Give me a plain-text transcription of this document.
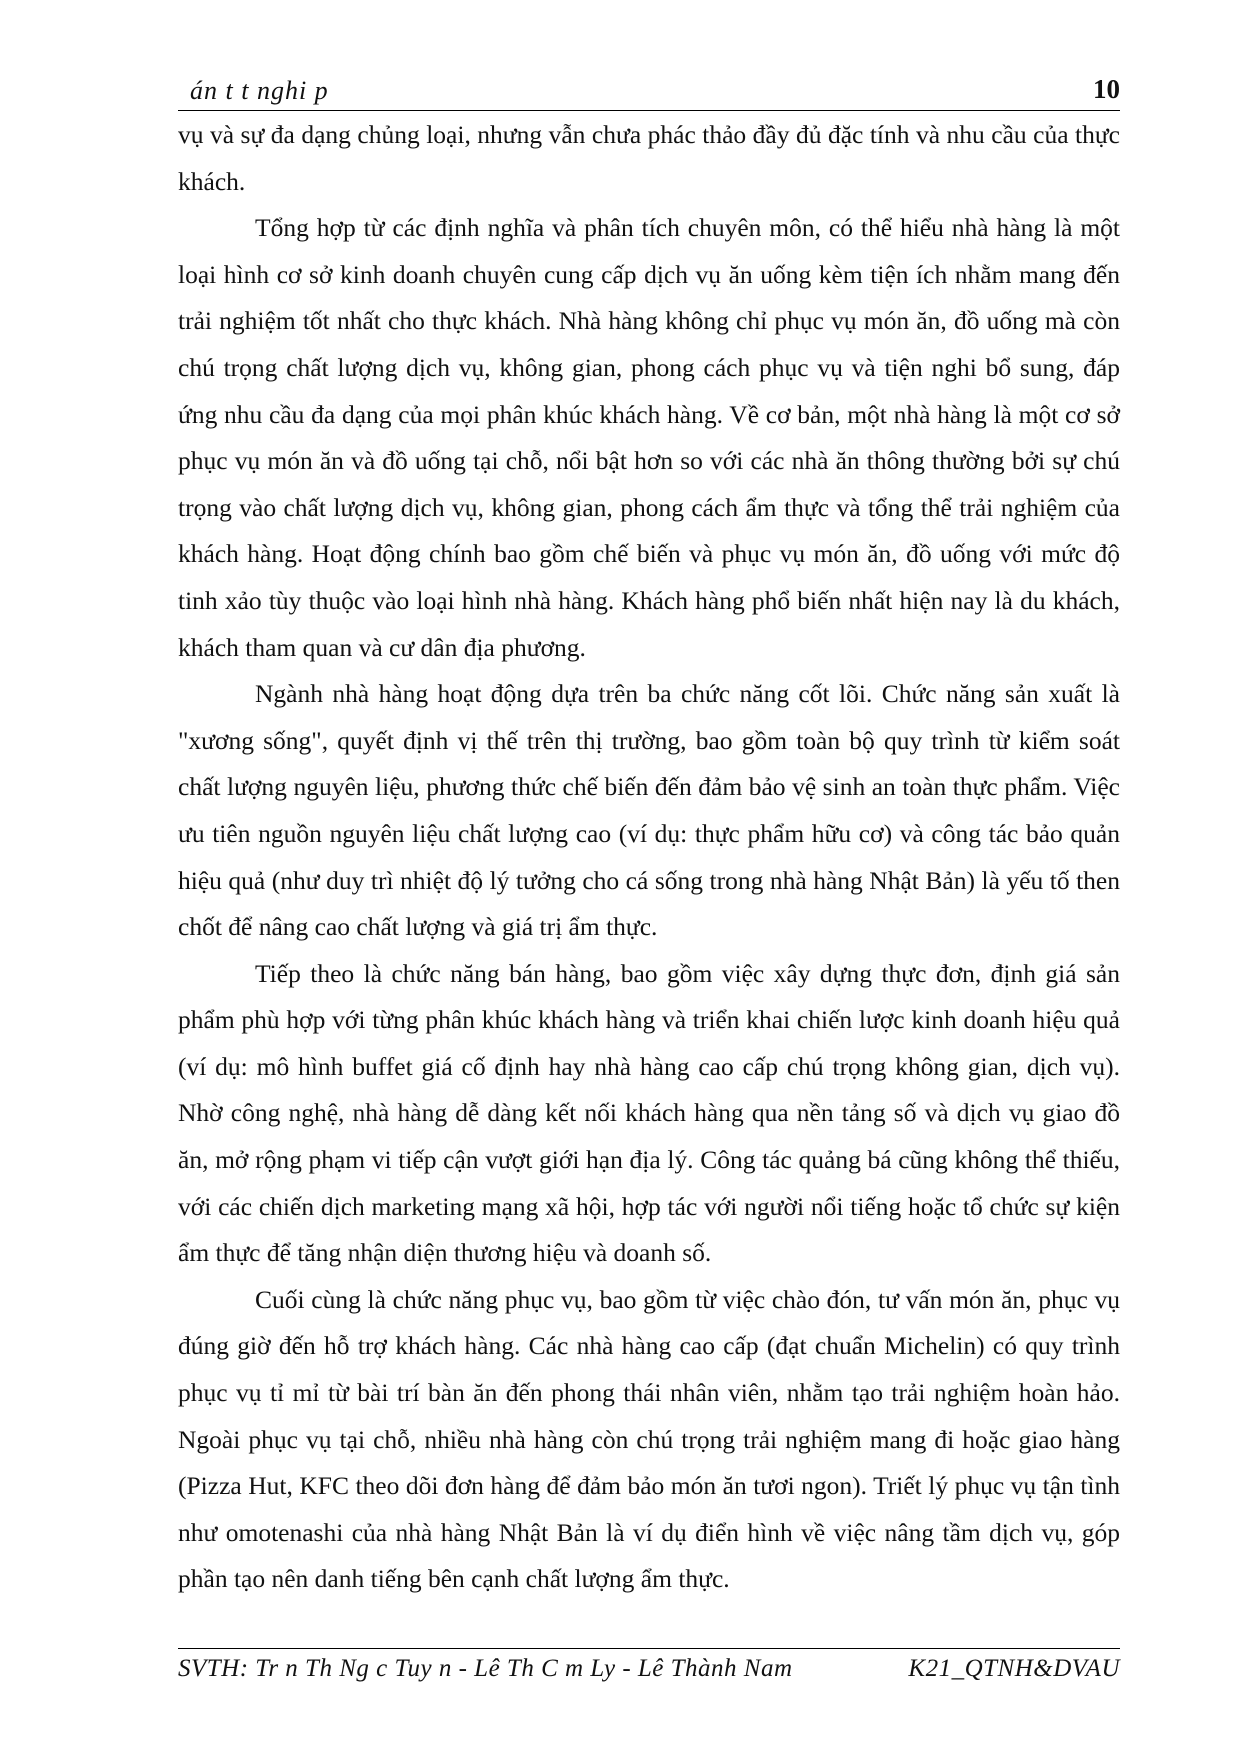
án t t nghi p	10

vụ và sự đa dạng chủng loại, nhưng vẫn chưa phác thảo đầy đủ đặc tính và nhu cầu của thực khách.

Tổng hợp từ các định nghĩa và phân tích chuyên môn, có thể hiểu nhà hàng là một loại hình cơ sở kinh doanh chuyên cung cấp dịch vụ ăn uống kèm tiện ích nhằm mang đến trải nghiệm tốt nhất cho thực khách. Nhà hàng không chỉ phục vụ món ăn, đồ uống mà còn chú trọng chất lượng dịch vụ, không gian, phong cách phục vụ và tiện nghi bổ sung, đáp ứng nhu cầu đa dạng của mọi phân khúc khách hàng. Về cơ bản, một nhà hàng là một cơ sở phục vụ món ăn và đồ uống tại chỗ, nổi bật hơn so với các nhà ăn thông thường bởi sự chú trọng vào chất lượng dịch vụ, không gian, phong cách ẩm thực và tổng thể trải nghiệm của khách hàng. Hoạt động chính bao gồm chế biến và phục vụ món ăn, đồ uống với mức độ tinh xảo tùy thuộc vào loại hình nhà hàng. Khách hàng phổ biến nhất hiện nay là du khách, khách tham quan và cư dân địa phương.

Ngành nhà hàng hoạt động dựa trên ba chức năng cốt lõi. Chức năng sản xuất là "xương sống", quyết định vị thế trên thị trường, bao gồm toàn bộ quy trình từ kiểm soát chất lượng nguyên liệu, phương thức chế biến đến đảm bảo vệ sinh an toàn thực phẩm. Việc ưu tiên nguồn nguyên liệu chất lượng cao (ví dụ: thực phẩm hữu cơ) và công tác bảo quản hiệu quả (như duy trì nhiệt độ lý tưởng cho cá sống trong nhà hàng Nhật Bản) là yếu tố then chốt để nâng cao chất lượng và giá trị ẩm thực.

Tiếp theo là chức năng bán hàng, bao gồm việc xây dựng thực đơn, định giá sản phẩm phù hợp với từng phân khúc khách hàng và triển khai chiến lược kinh doanh hiệu quả (ví dụ: mô hình buffet giá cố định hay nhà hàng cao cấp chú trọng không gian, dịch vụ). Nhờ công nghệ, nhà hàng dễ dàng kết nối khách hàng qua nền tảng số và dịch vụ giao đồ ăn, mở rộng phạm vi tiếp cận vượt giới hạn địa lý. Công tác quảng bá cũng không thể thiếu, với các chiến dịch marketing mạng xã hội, hợp tác với người nổi tiếng hoặc tổ chức sự kiện ẩm thực để tăng nhận diện thương hiệu và doanh số.

Cuối cùng là chức năng phục vụ, bao gồm từ việc chào đón, tư vấn món ăn, phục vụ đúng giờ đến hỗ trợ khách hàng. Các nhà hàng cao cấp (đạt chuẩn Michelin) có quy trình phục vụ tỉ mỉ từ bài trí bàn ăn đến phong thái nhân viên, nhằm tạo trải nghiệm hoàn hảo. Ngoài phục vụ tại chỗ, nhiều nhà hàng còn chú trọng trải nghiệm mang đi hoặc giao hàng (Pizza Hut, KFC theo dõi đơn hàng để đảm bảo món ăn tươi ngon). Triết lý phục vụ tận tình như omotenashi của nhà hàng Nhật Bản là ví dụ điển hình về việc nâng tầm dịch vụ, góp phần tạo nên danh tiếng bên cạnh chất lượng ẩm thực.

SVTH: Tr n Th Ng c Tuy n - Lê Th C m Ly - Lê Thành Nam	K21_QTNH&DVAU
